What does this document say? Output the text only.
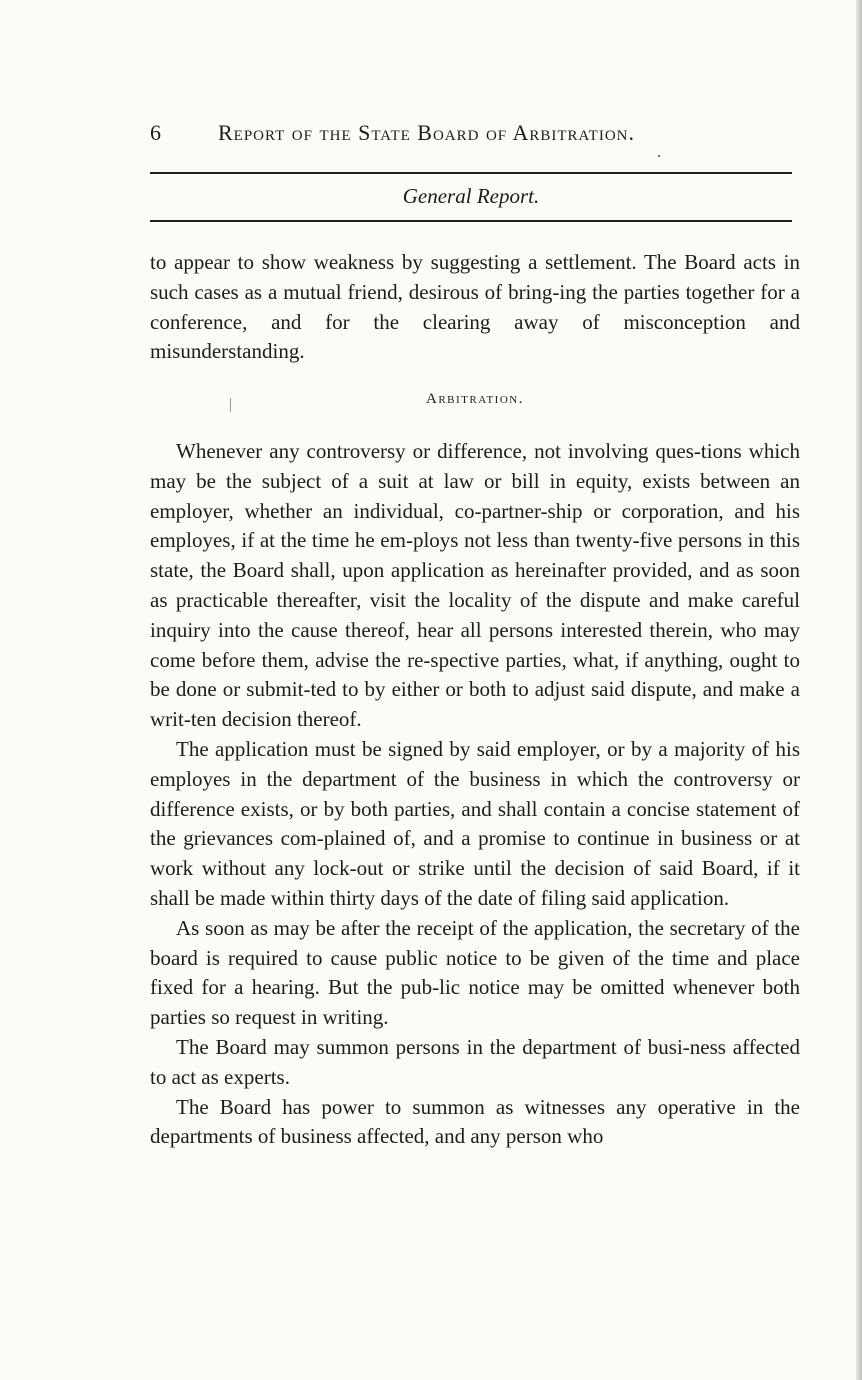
6	Report of the State Board of Arbitration.
General Report.

to appear to show weakness by suggesting a settlement. The Board acts in such cases as a mutual friend, desirous of bring-ing the parties together for a conference, and for the clearing away of misconception and misunderstanding.

Arbitration.

Whenever any controversy or difference, not involving ques-tions which may be the subject of a suit at law or bill in equity, exists between an employer, whether an individual, co-partner-ship or corporation, and his employes, if at the time he em-ploys not less than twenty-five persons in this state, the Board shall, upon application as hereinafter provided, and as soon as practicable thereafter, visit the locality of the dispute and make careful inquiry into the cause thereof, hear all persons interested therein, who may come before them, advise the re-spective parties, what, if anything, ought to be done or submit-ted to by either or both to adjust said dispute, and make a writ-ten decision thereof.

The application must be signed by said employer, or by a majority of his employes in the department of the business in which the controversy or difference exists, or by both parties, and shall contain a concise statement of the grievances com-plained of, and a promise to continue in business or at work without any lock-out or strike until the decision of said Board, if it shall be made within thirty days of the date of filing said application.

As soon as may be after the receipt of the application, the secretary of the board is required to cause public notice to be given of the time and place fixed for a hearing. But the pub-lic notice may be omitted whenever both parties so request in writing.

The Board may summon persons in the department of busi-ness affected to act as experts.

The Board has power to summon as witnesses any operative in the departments of business affected, and any person who
